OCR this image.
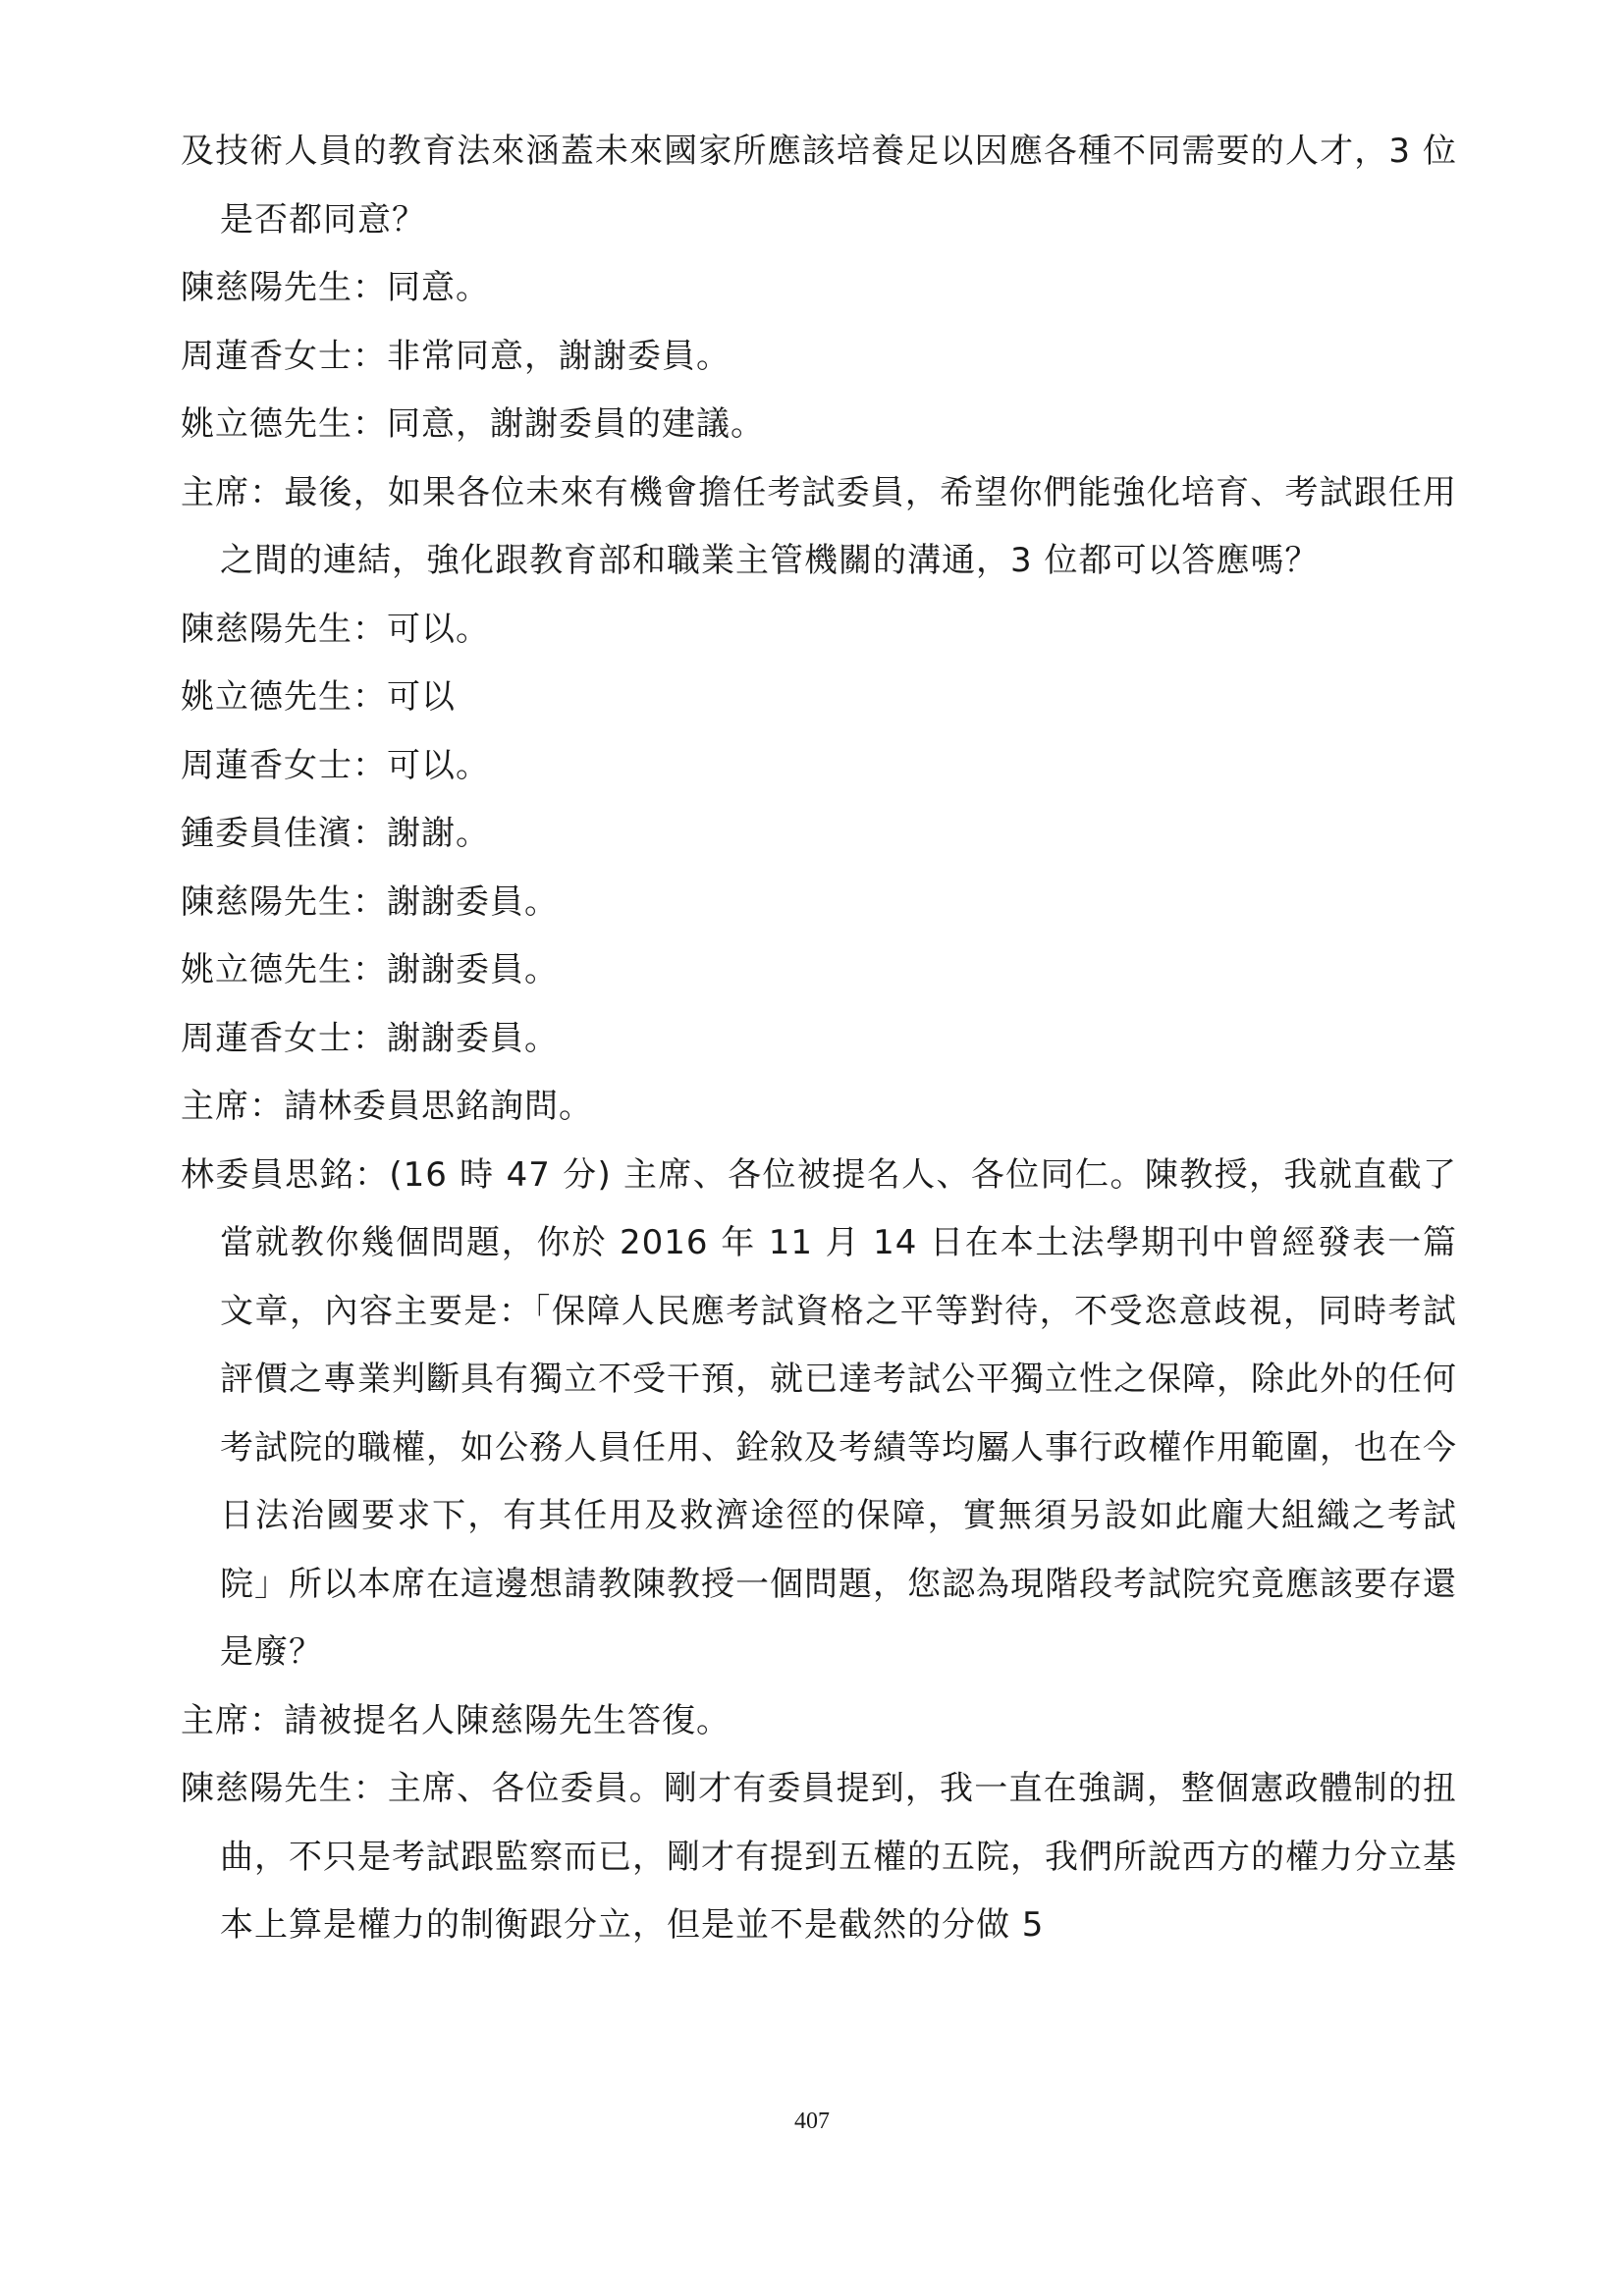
及技術人員的教育法來涵蓋未來國家所應該培養足以因應各種不同需要的人才，3 位是否都同意？

陳慈陽先生：同意。

周蓮香女士：非常同意，謝謝委員。

姚立德先生：同意，謝謝委員的建議。

主席：最後，如果各位未來有機會擔任考試委員，希望你們能強化培育、考試跟任用之間的連結，強化跟教育部和職業主管機關的溝通，3 位都可以答應嗎？

陳慈陽先生：可以。

姚立德先生：可以

周蓮香女士：可以。

鍾委員佳濱：謝謝。

陳慈陽先生：謝謝委員。

姚立德先生：謝謝委員。

周蓮香女士：謝謝委員。

主席：請林委員思銘詢問。

林委員思銘：(16 時 47 分) 主席、各位被提名人、各位同仁。陳教授，我就直截了當就教你幾個問題，你於 2016 年 11 月 14 日在本土法學期刊中曾經發表一篇文章，內容主要是：「保障人民應考試資格之平等對待，不受恣意歧視，同時考試評價之專業判斷具有獨立不受干預，就已達考試公平獨立性之保障，除此外的任何考試院的職權，如公務人員任用、銓敘及考績等均屬人事行政權作用範圍，也在今日法治國要求下，有其任用及救濟途徑的保障，實無須另設如此龐大組織之考試院」所以本席在這邊想請教陳教授一個問題，您認為現階段考試院究竟應該要存還是廢？

主席：請被提名人陳慈陽先生答復。

陳慈陽先生：主席、各位委員。剛才有委員提到，我一直在強調，整個憲政體制的扭曲，不只是考試跟監察而已，剛才有提到五權的五院，我們所說西方的權力分立基本上算是權力的制衡跟分立，但是並不是截然的分做 5

407
